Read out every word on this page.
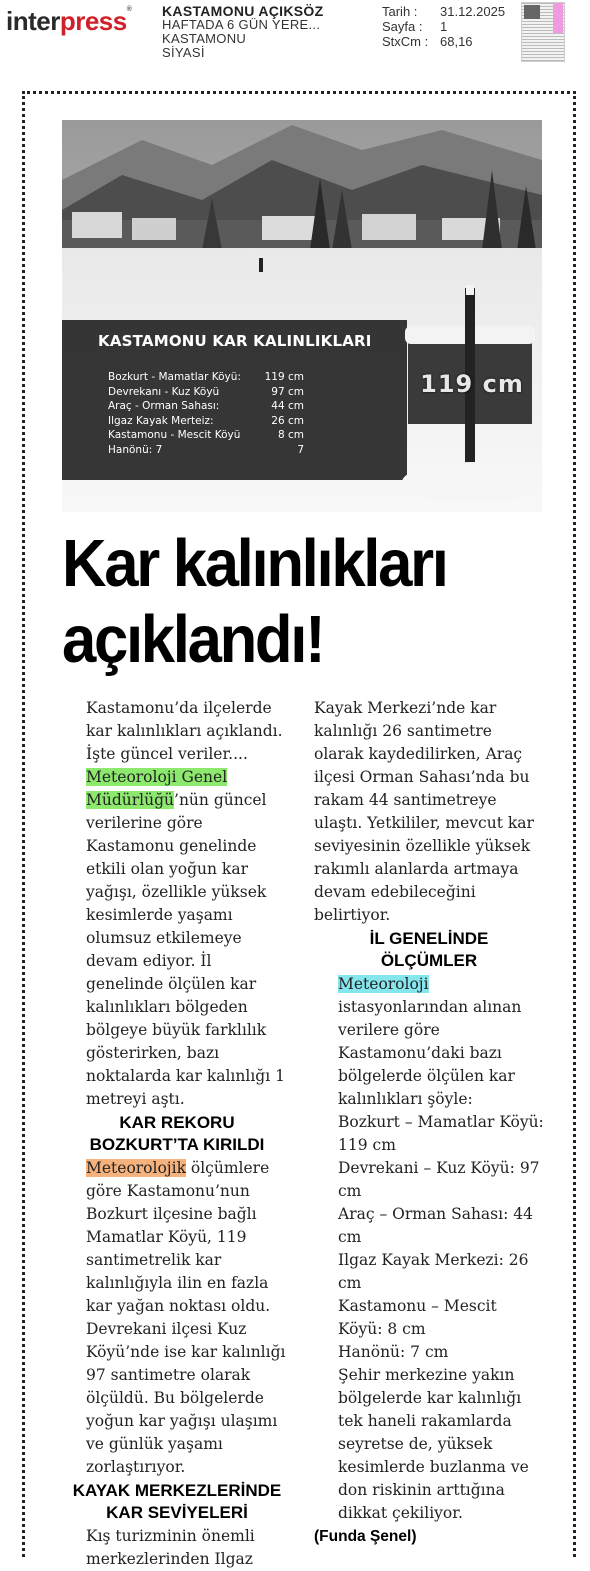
interpress® KASTAMONU AÇIKSÖZ
HAFTADA 6 GÜN YERE...
KASTAMONU
SİYASİ
Tarih :	31.12.2025
Sayfa :	1
StxCm : 68,16
KASTAMONU KAR KALINLIKLARI
Bozkurt - Mamatlar Köyü: 119 cm
Devrekanı - Kuz Köyü	97 cm
Araç - Orman Sahası:	44 cm
Ilgaz Kayak Merteiz:	26 cm
Kastamonu - Mescit Köyü	8 cm
Hanönü: 7	7
119 cm
Kar kalınlıkları
açıklandı!

Kastamonu’da ilçelerde kar kalınlıkları açıklandı. İşte güncel veriler....

Meteoroloji Genel Müdürlüğü’nün güncel verilerine göre Kastamonu genelinde etkili olan yoğun kar yağışı, özellikle yüksek kesimlerde yaşamı olumsuz etkilemeye devam ediyor. İl genelinde ölçülen kar kalınlıkları bölgeden bölgeye büyük farklılık gösterirken, bazı noktalarda kar kalınlığı 1 metreyi aştı.

KAR REKORU
BOZKURT’TA KIRILDI

Meteorolojik ölçümlere göre Kastamonu’nun Bozkurt ilçesine bağlı Mamatlar Köyü, 119 santimetrelik kar kalınlığıyla ilin en fazla kar yağan noktası oldu. Devrekani ilçesi Kuz Köyü’nde ise kar kalınlığı 97 santimetre olarak ölçüldü. Bu bölgelerde yoğun kar yağışı ulaşımı ve günlük yaşamı zorlaştırıyor.

KAYAK MERKEZLERİNDE
KAR SEVİYELERİ

Kış turizminin önemli merkezlerinden Ilgaz

Kayak Merkezi’nde kar kalınlığı 26 santimetre olarak kaydedilirken, Araç ilçesi Orman Sahası’nda bu rakam 44 santimetreye ulaştı. Yetkililer, mevcut kar seviyesinin özellikle yüksek rakımlı alanlarda artmaya devam edebileceğini belirtiyor.

İL GENELİNDE
ÖLÇÜMLER

Meteoroloji istasyonlarından alınan verilere göre Kastamonu’daki bazı bölgelerde ölçülen kar kalınlıkları şöyle:

Bozkurt – Mamatlar Köyü: 119 cm

Devrekani – Kuz Köyü: 97 cm

Araç – Orman Sahası: 44 cm

Ilgaz Kayak Merkezi: 26 cm

Kastamonu – Mescit Köyü: 8 cm

Hanönü: 7 cm

Şehir merkezine yakın bölgelerde kar kalınlığı tek haneli rakamlarda seyretse de, yüksek kesimlerde buzlanma ve don riskinin arttığına dikkat çekiliyor.

(Funda Şenel)
